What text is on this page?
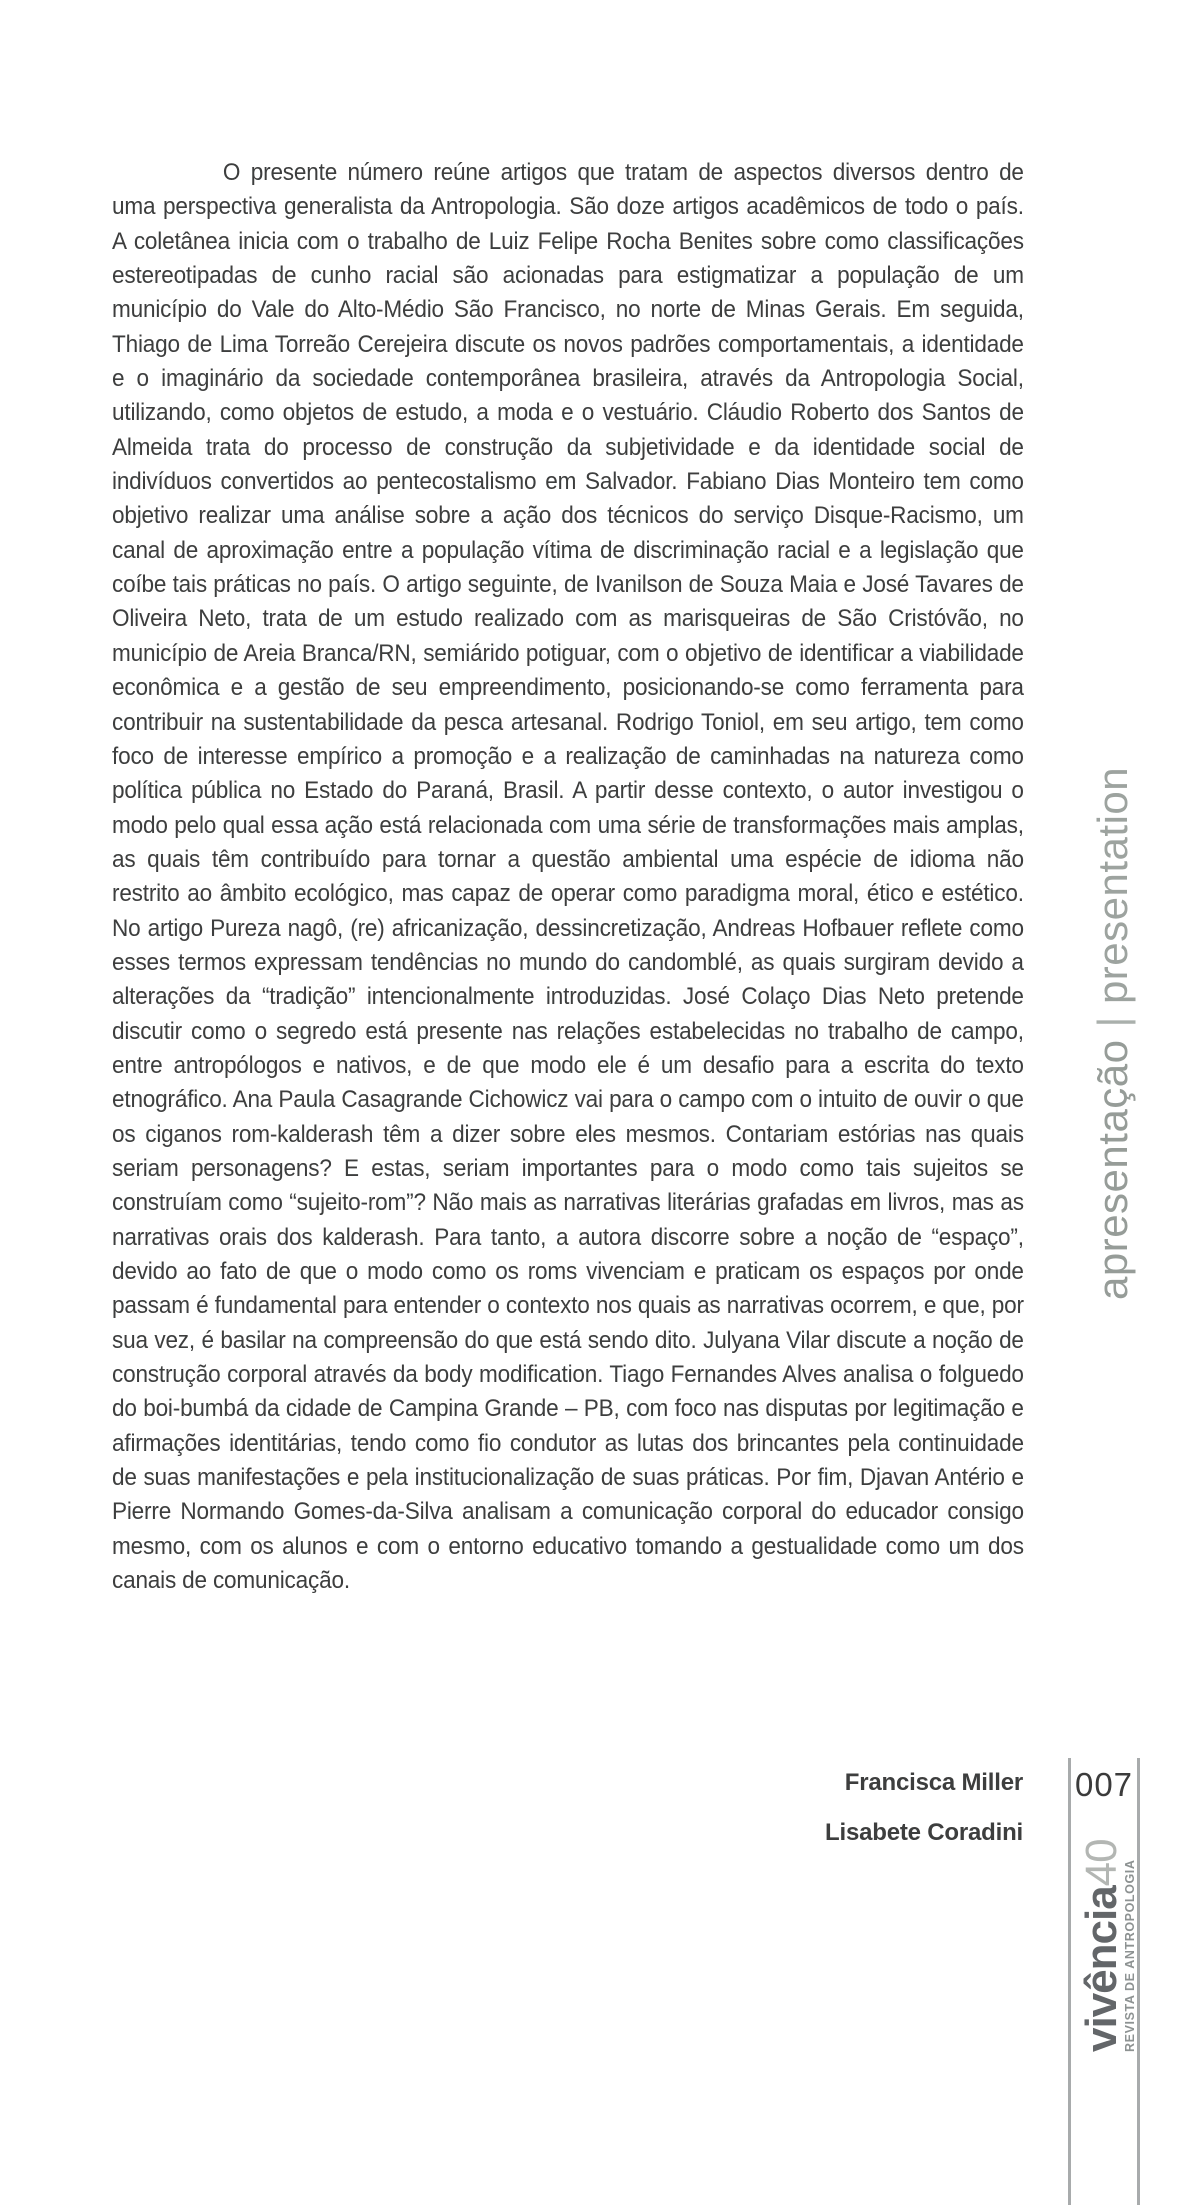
O presente número reúne artigos que tratam de aspectos diversos dentro de uma perspectiva generalista da Antropologia. São doze artigos acadêmicos de todo o país. A coletânea inicia com o trabalho de Luiz Felipe Rocha Benites sobre como classificações estereotipadas de cunho racial são acionadas para estigmatizar a população de um município do Vale do Alto-Médio São Francisco, no norte de Minas Gerais. Em seguida, Thiago de Lima Torreão Cerejeira discute os novos padrões comportamentais, a identidade e o imaginário da sociedade contemporânea brasileira, através da Antropologia Social, utilizando, como objetos de estudo, a moda e o vestuário. Cláudio Roberto dos Santos de Almeida trata do processo de construção da subjetividade e da identidade social de indivíduos convertidos ao pentecostalismo em Salvador. Fabiano Dias Monteiro tem como objetivo realizar uma análise sobre a ação dos técnicos do serviço Disque-Racismo, um canal de aproximação entre a população vítima de discriminação racial e a legislação que coíbe tais práticas no país. O artigo seguinte, de Ivanilson de Souza Maia e José Tavares de Oliveira Neto, trata de um estudo realizado com as marisqueiras de São Cristóvão, no município de Areia Branca/RN, semiárido potiguar, com o objetivo de identificar a viabilidade econômica e a gestão de seu empreendimento, posicionando-se como ferramenta para contribuir na sustentabilidade da pesca artesanal. Rodrigo Toniol, em seu artigo, tem como foco de interesse empírico a promoção e a realização de caminhadas na natureza como política pública no Estado do Paraná, Brasil. A partir desse contexto, o autor investigou o modo pelo qual essa ação está relacionada com uma série de transformações mais amplas, as quais têm contribuído para tornar a questão ambiental uma espécie de idioma não restrito ao âmbito ecológico, mas capaz de operar como paradigma moral, ético e estético. No artigo Pureza nagô, (re) africanização, dessincretização, Andreas Hofbauer reflete como esses termos expressam tendências no mundo do candomblé, as quais surgiram devido a alterações da “tradição” intencionalmente introduzidas. José Colaço Dias Neto pretende discutir como o segredo está presente nas relações estabelecidas no trabalho de campo, entre antropólogos e nativos, e de que modo ele é um desafio para a escrita do texto etnográfico. Ana Paula Casagrande Cichowicz vai para o campo com o intuito de ouvir o que os ciganos rom-kalderash têm a dizer sobre eles mesmos. Contariam estórias nas quais seriam personagens? E estas, seriam importantes para o modo como tais sujeitos se construíam como “sujeito-rom”? Não mais as narrativas literárias grafadas em livros, mas as narrativas orais dos kalderash. Para tanto, a autora discorre sobre a noção de “espaço”, devido ao fato de que o modo como os roms vivenciam e praticam os espaços por onde passam é fundamental para entender o contexto nos quais as narrativas ocorrem, e que, por sua vez, é basilar na compreensão do que está sendo dito. Julyana Vilar discute a noção de construção corporal através da body modification. Tiago Fernandes Alves analisa o folguedo do boi-bumbá da cidade de Campina Grande – PB, com foco nas disputas por legitimação e afirmações identitárias, tendo como fio condutor as lutas dos brincantes pela continuidade de suas manifestações e pela institucionalização de suas práticas. Por fim, Djavan Antério e Pierre Normando Gomes-da-Silva analisam a comunicação corporal do educador consigo mesmo, com os alunos e com o entorno educativo tomando a gestualidade como um dos canais de comunicação.

Francisca Miller
Lisabete Coradini
apresentação|presentation
007
vivência40
REVISTA DE ANTROPOLOGIA
